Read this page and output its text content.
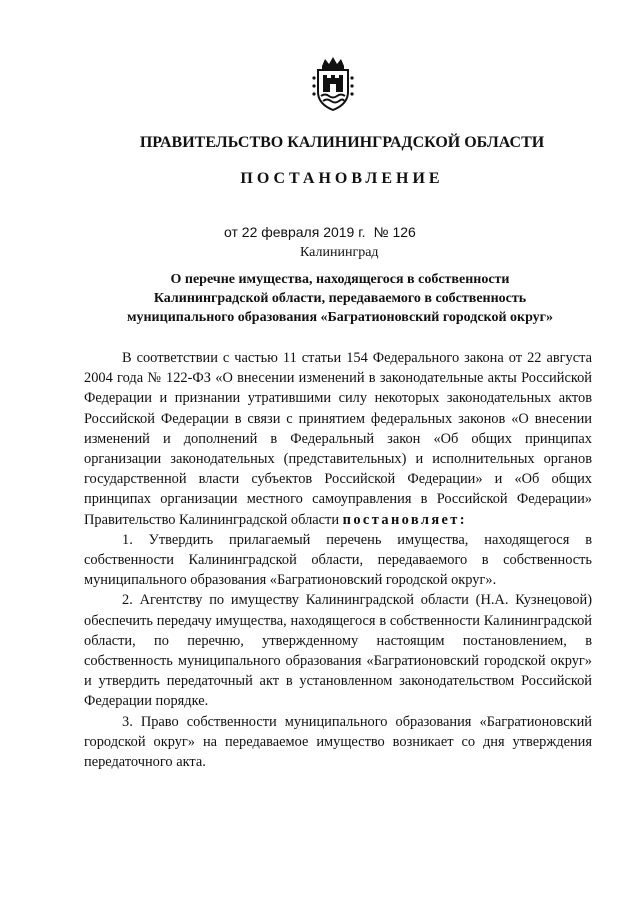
ПРАВИТЕЛЬСТВО КАЛИНИНГРАДСКОЙ ОБЛАСТИ
ПОСТАНОВЛЕНИЕ
от 22 февраля 2019 г. № 126
Калининград
О перечне имущества, находящегося в собственности
Калининградской области, передаваемого в собственность
муниципального образования «Багратионовский городской округ»

В соответствии с частью 11 статьи 154 Федерального закона от 22 августа 2004 года № 122-ФЗ «О внесении изменений в законодательные акты Российской Федерации и признании утратившими силу некоторых законодательных актов Российской Федерации в связи с принятием федеральных законов «О внесении изменений и дополнений в Федеральный закон «Об общих принципах организации законодательных (представительных) и исполнительных органов государственной власти субъектов Российской Федерации» и «Об общих принципах организации местного самоуправления в Российской Федерации» Правительство Калининградской области постановляет:

1. Утвердить прилагаемый перечень имущества, находящегося в собственности Калининградской области, передаваемого в собственность муниципального образования «Багратионовский городской округ».

2. Агентству по имуществу Калининградской области (Н.А. Кузнецовой) обеспечить передачу имущества, находящегося в собственности Калининградской области, по перечню, утвержденному настоящим постановлением, в собственность муниципального образования «Багратионовский городской округ» и утвердить передаточный акт в установленном законодательством Российской Федерации порядке.

3. Право собственности муниципального образования «Багратионовский городской округ» на передаваемое имущество возникает со дня утверждения передаточного акта.
